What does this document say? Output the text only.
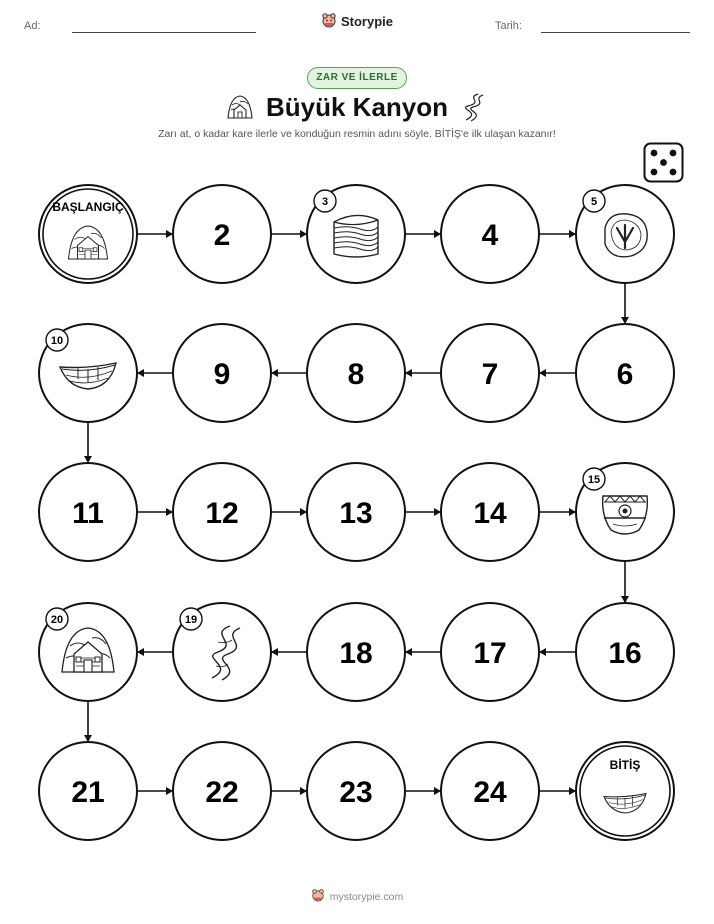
Ad:	Tarih:
Storypie
ZAR VE İLERLE
Büyük Kanyon
Zarı at, o kadar kare ilerle ve konduğun resmin adını söyle. BİTİŞ'e ilk ulaşan kazanır!
BAŞLANGIÇ
2
3
4
5
6
7
8
9
10
11	12	13	14
15
16
17
18
19
20
21	22	23	24
BİTİŞ
mystorypie.com
